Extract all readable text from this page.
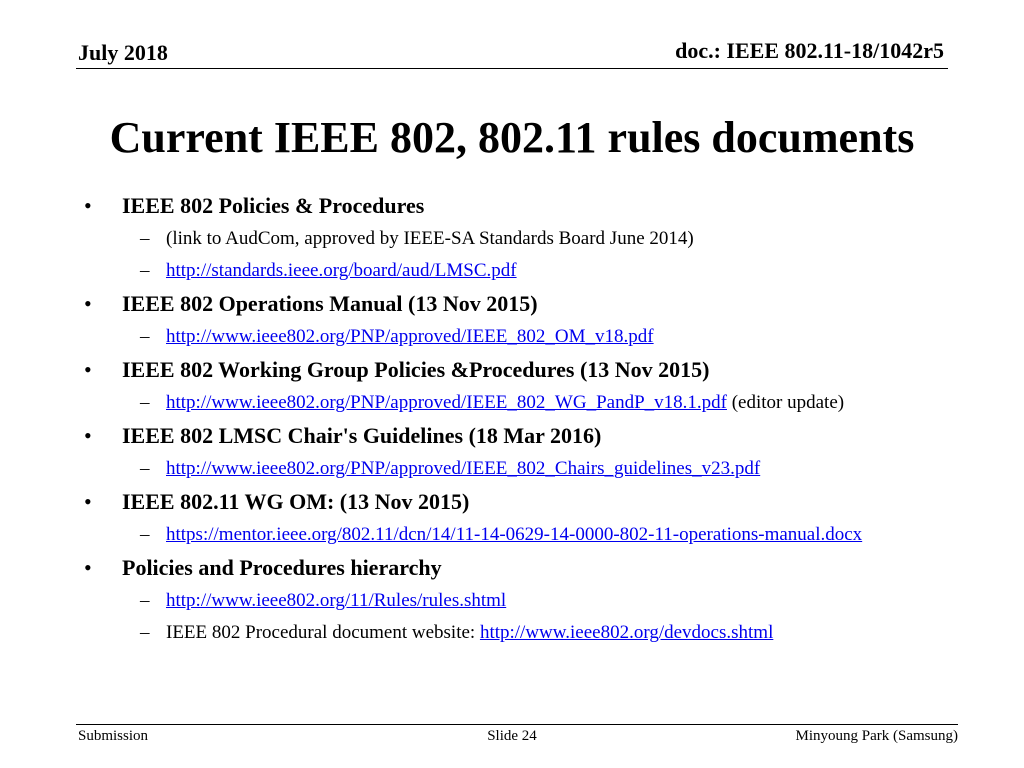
July 2018	doc.: IEEE 802.11-18/1042r5
Current IEEE 802, 802.11 rules documents
• IEEE 802 Policies & Procedures
– (link to AudCom, approved by IEEE-SA Standards Board June 2014)
– http://standards.ieee.org/board/aud/LMSC.pdf
• IEEE 802 Operations Manual (13 Nov 2015)
– http://www.ieee802.org/PNP/approved/IEEE_802_OM_v18.pdf
• IEEE 802 Working Group Policies &Procedures (13 Nov 2015)
– http://www.ieee802.org/PNP/approved/IEEE_802_WG_PandP_v18.1.pdf (editor update)
• IEEE 802 LMSC Chair's Guidelines (18 Mar 2016)
– http://www.ieee802.org/PNP/approved/IEEE_802_Chairs_guidelines_v23.pdf
• IEEE 802.11 WG OM: (13 Nov 2015)
– https://mentor.ieee.org/802.11/dcn/14/11-14-0629-14-0000-802-11-operations-manual.docx
• Policies and Procedures hierarchy
– http://www.ieee802.org/11/Rules/rules.shtml
– IEEE 802 Procedural document website: http://www.ieee802.org/devdocs.shtml
Submission	Slide 24	Minyoung Park (Samsung)
